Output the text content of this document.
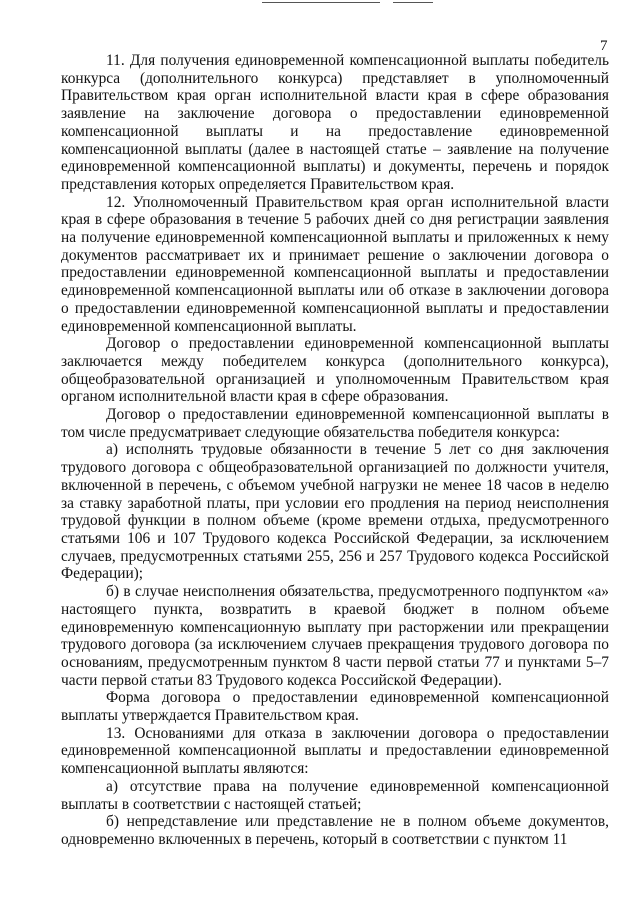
7

11. Для получения единовременной компенсационной выплаты победитель конкурса (дополнительного конкурса) представляет в уполномоченный Правительством края орган исполнительной власти края в сфере образования заявление на заключение договора о предоставлении единовременной компенсационной выплаты и на предоставление единовременной компенсационной выплаты (далее в настоящей статье – заявление на получение единовременной компенсационной выплаты) и документы, перечень и порядок представления которых определяется Правительством края.

12. Уполномоченный Правительством края орган исполнительной власти края в сфере образования в течение 5 рабочих дней со дня регистрации заявления на получение единовременной компенсационной выплаты и приложенных к нему документов рассматривает их и принимает решение о заключении договора о предоставлении единовременной компенсационной выплаты и предоставлении единовременной компенсационной выплаты или об отказе в заключении договора о предоставлении единовременной компенсационной выплаты и предоставлении единовременной компенсационной выплаты.

Договор о предоставлении единовременной компенсационной выплаты заключается между победителем конкурса (дополнительного конкурса), общеобразовательной организацией и уполномоченным Правительством края органом исполнительной власти края в сфере образования.

Договор о предоставлении единовременной компенсационной выплаты в том числе предусматривает следующие обязательства победителя конкурса:

а) исполнять трудовые обязанности в течение 5 лет со дня заключения трудового договора с общеобразовательной организацией по должности учителя, включенной в перечень, с объемом учебной нагрузки не менее 18 часов в неделю за ставку заработной платы, при условии его продления на период неисполнения трудовой функции в полном объеме (кроме времени отдыха, предусмотренного статьями 106 и 107 Трудового кодекса Российской Федерации, за исключением случаев, предусмотренных статьями 255, 256 и 257 Трудового кодекса Российской Федерации);

б) в случае неисполнения обязательства, предусмотренного подпунктом «а» настоящего пункта, возвратить в краевой бюджет в полном объеме единовременную компенсационную выплату при расторжении или прекращении трудового договора (за исключением случаев прекращения трудового договора по основаниям, предусмотренным пунктом 8 части первой статьи 77 и пунктами 5–7 части первой статьи 83 Трудового кодекса Российской Федерации).

Форма договора о предоставлении единовременной компенсационной выплаты утверждается Правительством края.

13. Основаниями для отказа в заключении договора о предоставлении единовременной компенсационной выплаты и предоставлении единовременной компенсационной выплаты являются:

а) отсутствие права на получение единовременной компенсационной выплаты в соответствии с настоящей статьей;

б) непредставление или представление не в полном объеме документов, одновременно включенных в перечень, который в соответствии с пунктом 11
